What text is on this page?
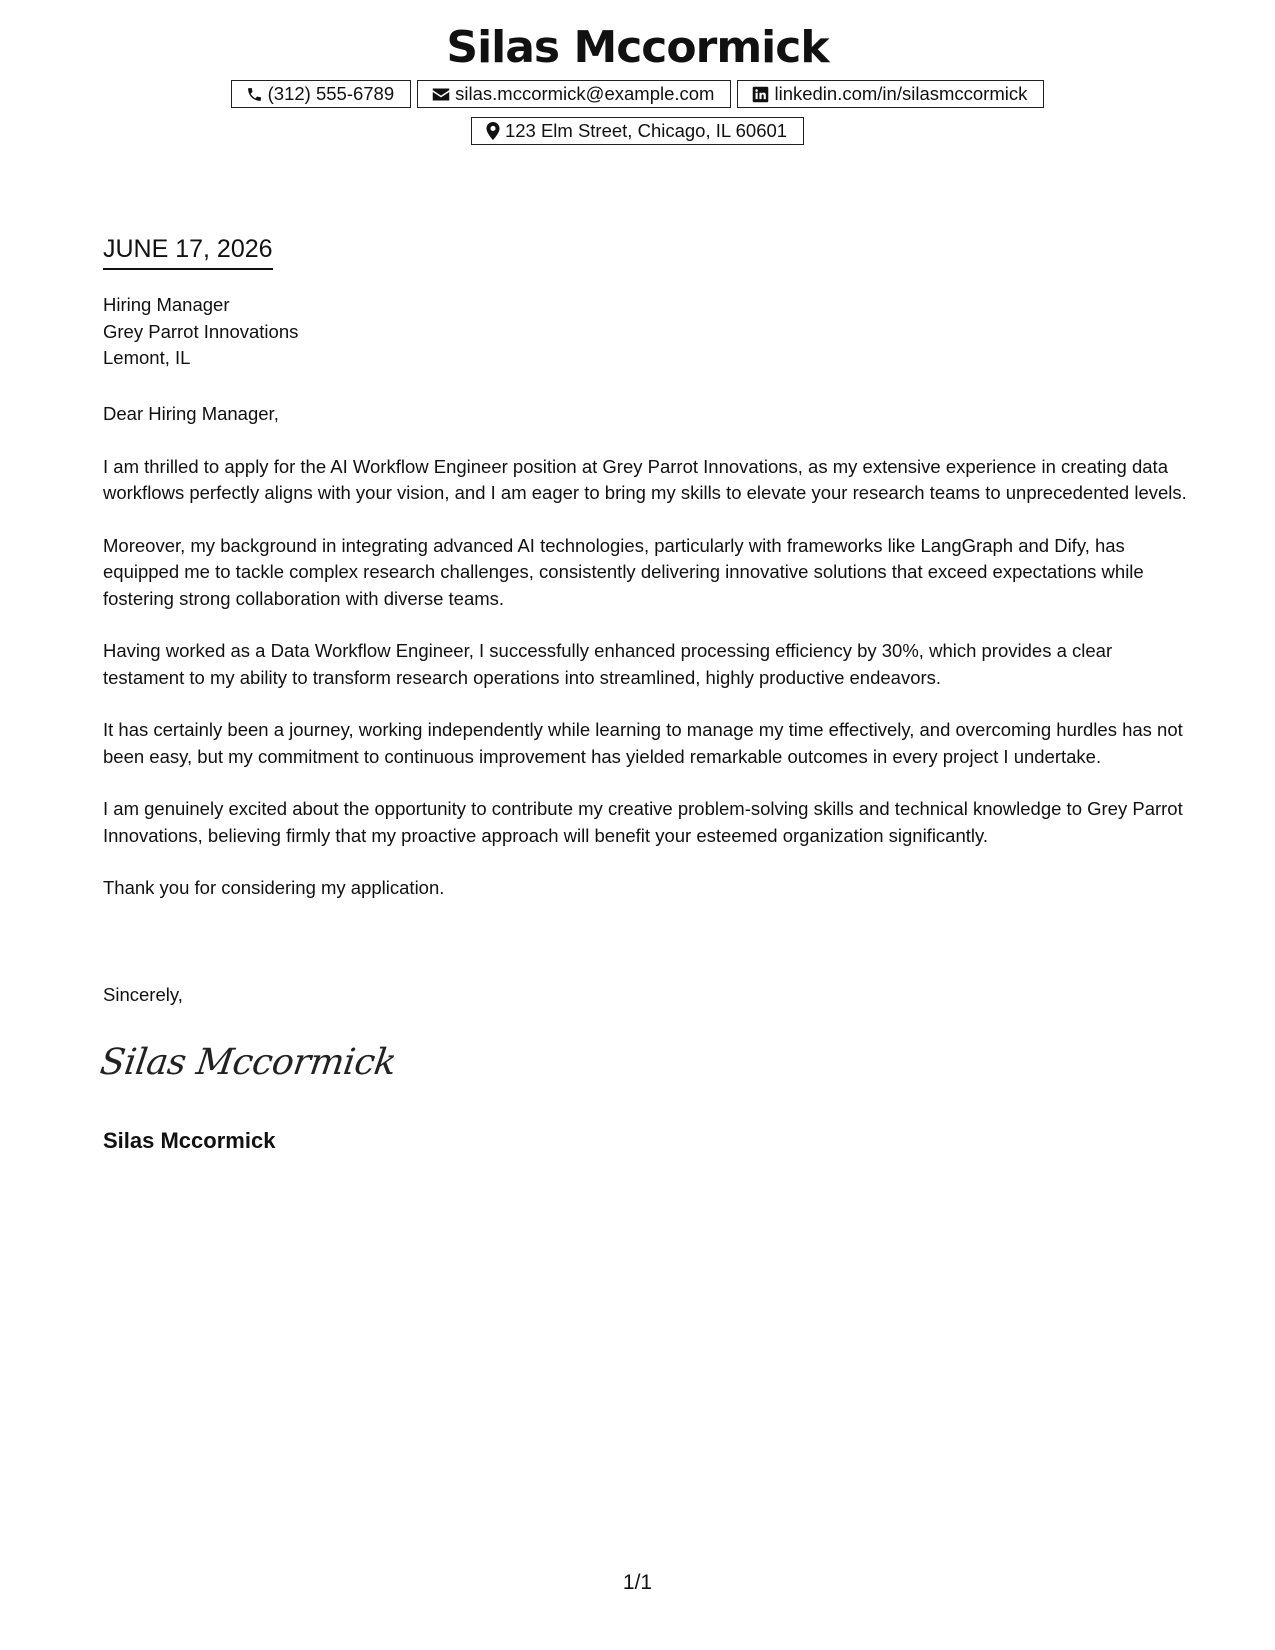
Silas Mccormick
(312) 555-6789	silas.mccormick@example.com	linkedin.com/in/silasmccormick
123 Elm Street, Chicago, IL 60601
JUNE 17, 2026
Hiring Manager
Grey Parrot Innovations
Lemont, IL

Dear Hiring Manager,

I am thrilled to apply for the AI Workflow Engineer position at Grey Parrot Innovations, as my extensive experience in creating data workflows perfectly aligns with your vision, and I am eager to bring my skills to elevate your research teams to unprecedented levels.

Moreover, my background in integrating advanced AI technologies, particularly with frameworks like LangGraph and Dify, has equipped me to tackle complex research challenges, consistently delivering innovative solutions that exceed expectations while fostering strong collaboration with diverse teams.

Having worked as a Data Workflow Engineer, I successfully enhanced processing efficiency by 30%, which provides a clear testament to my ability to transform research operations into streamlined, highly productive endeavors.

It has certainly been a journey, working independently while learning to manage my time effectively, and overcoming hurdles has not been easy, but my commitment to continuous improvement has yielded remarkable outcomes in every project I undertake.

I am genuinely excited about the opportunity to contribute my creative problem-solving skills and technical knowledge to Grey Parrot Innovations, believing firmly that my proactive approach will benefit your esteemed organization significantly.

Thank you for considering my application.

Sincerely,
Silas Mccormick
Silas Mccormick
1/1
